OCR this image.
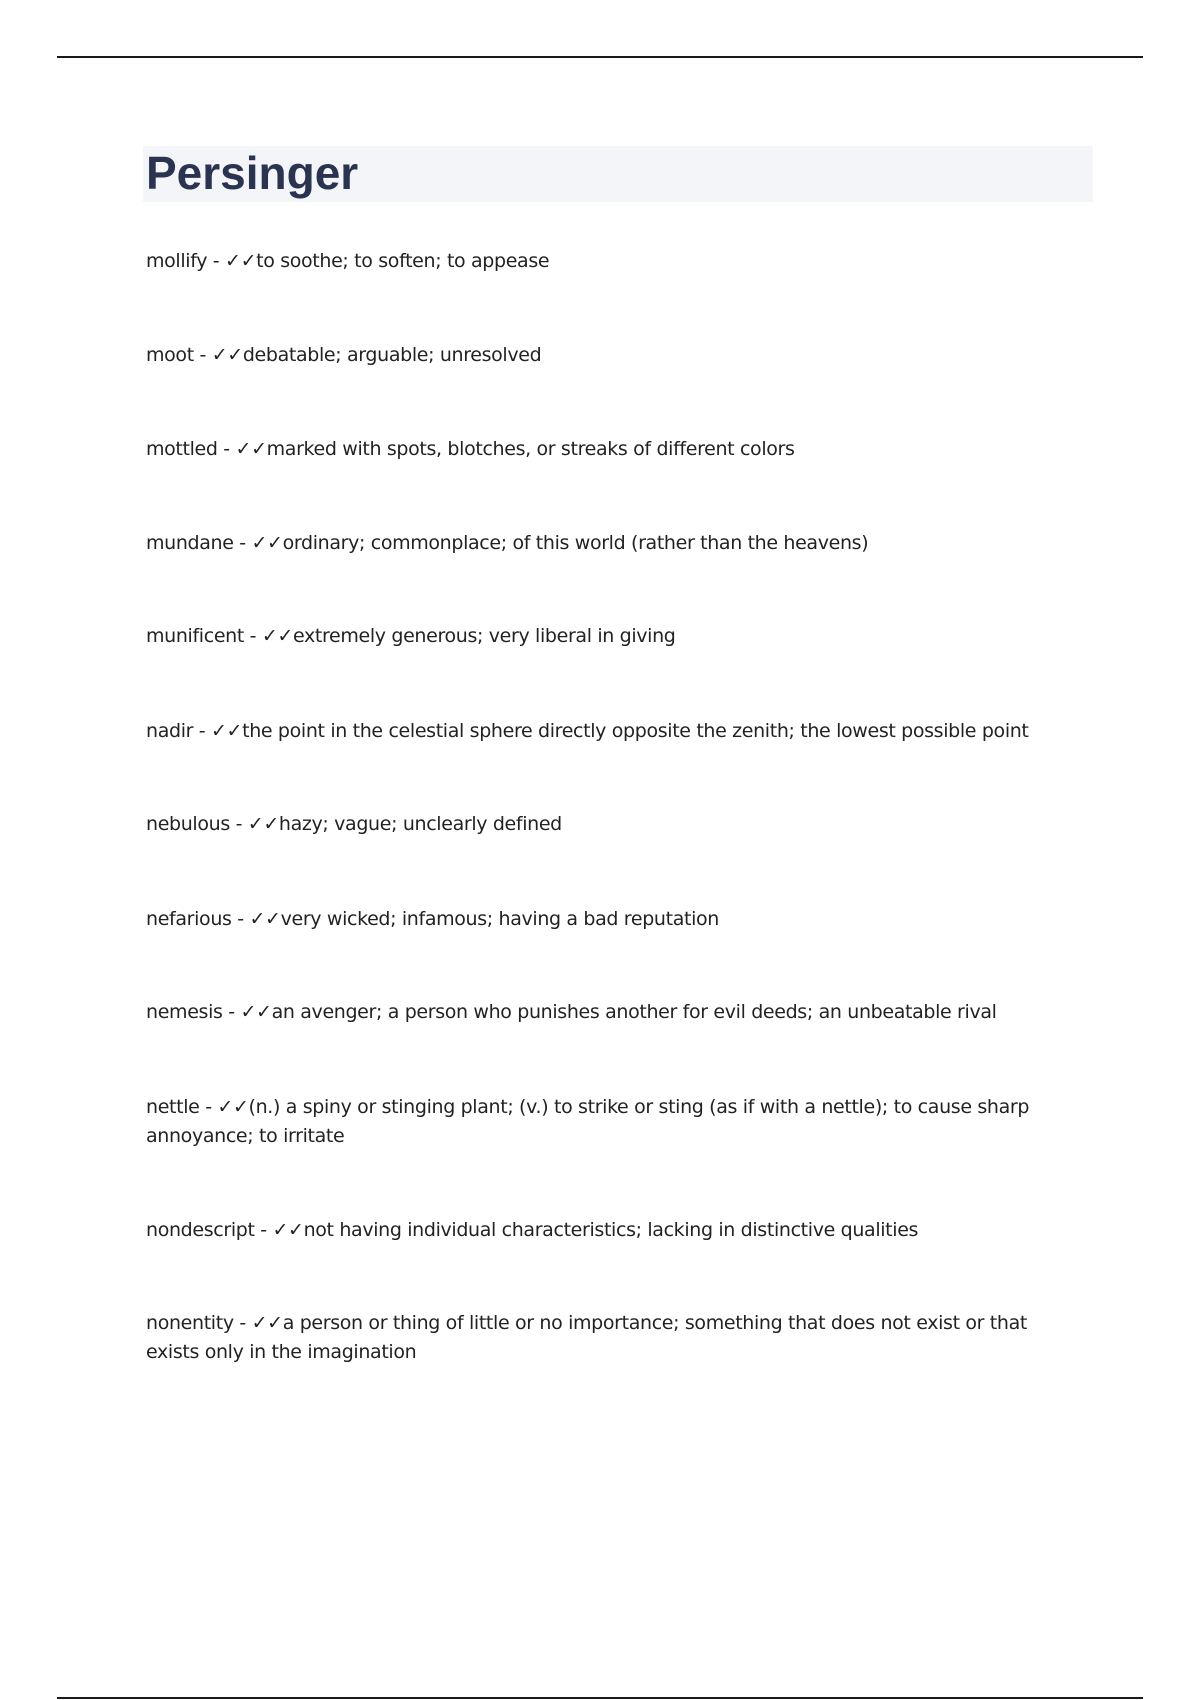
Persinger
mollify - ✓✓to soothe; to soften; to appease
moot - ✓✓debatable; arguable; unresolved
mottled - ✓✓marked with spots, blotches, or streaks of different colors
mundane - ✓✓ordinary; commonplace; of this world (rather than the heavens)
munificent - ✓✓extremely generous; very liberal in giving
nadir - ✓✓the point in the celestial sphere directly opposite the zenith; the lowest possible point
nebulous - ✓✓hazy; vague; unclearly defined
nefarious - ✓✓very wicked; infamous; having a bad reputation
nemesis - ✓✓an avenger; a person who punishes another for evil deeds; an unbeatable rival
nettle - ✓✓(n.) a spiny or stinging plant; (v.) to strike or sting (as if with a nettle); to cause sharp annoyance; to irritate
nondescript - ✓✓not having individual characteristics; lacking in distinctive qualities
nonentity - ✓✓a person or thing of little or no importance; something that does not exist or that exists only in the imagination
